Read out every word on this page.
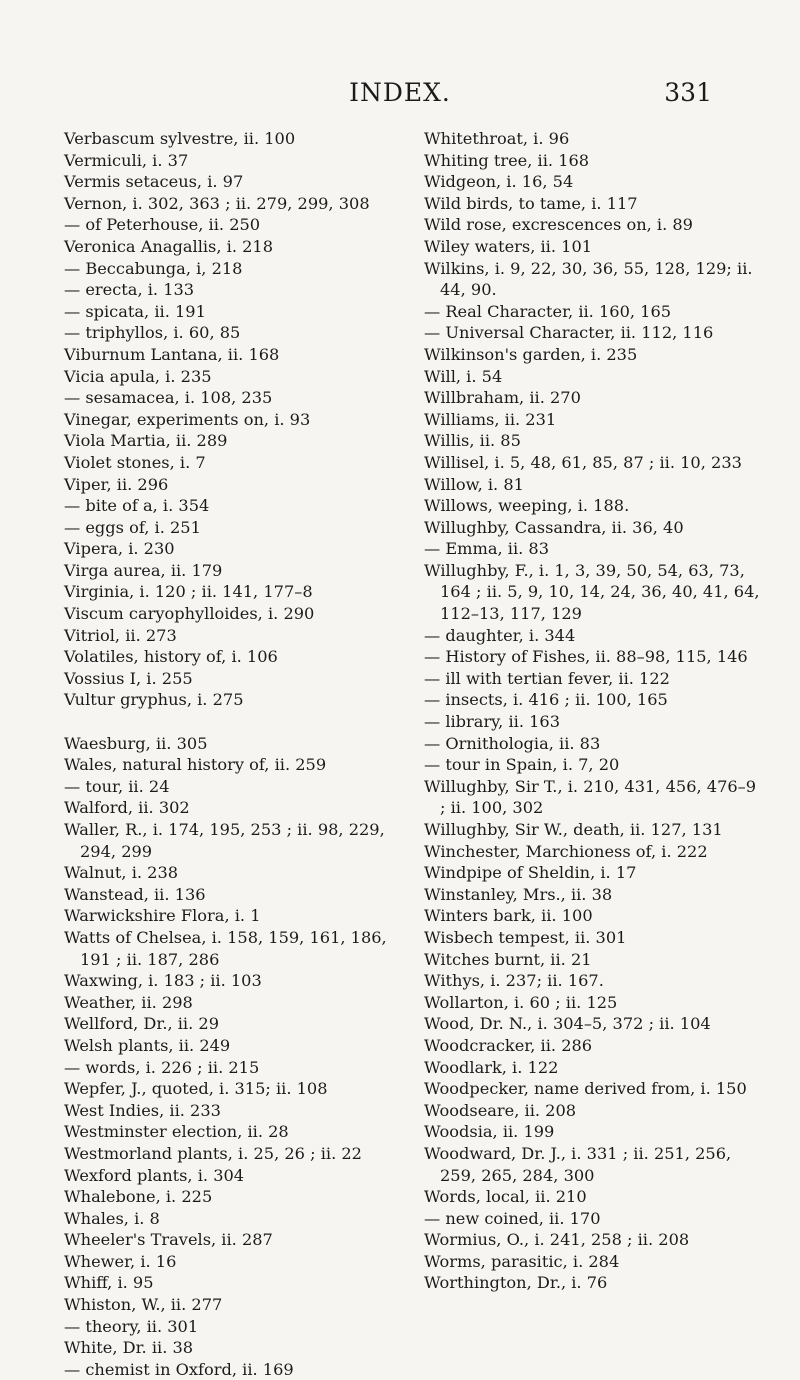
INDEX.	331
Verbascum sylvestre, ii. 100
Vermiculi, i. 37
Vermis setaceus, i. 97
Vernon, i. 302, 363 ; ii. 279, 299, 308
— of Peterhouse, ii. 250
Veronica Anagallis, i. 218
— Beccabunga, i, 218
— erecta, i. 133
— spicata, ii. 191
— triphyllos, i. 60, 85
Viburnum Lantana, ii. 168
Vicia apula, i. 235
— sesamacea, i. 108, 235
Vinegar, experiments on, i. 93
Viola Martia, ii. 289
Violet stones, i. 7
Viper, ii. 296
— bite of a, i. 354
— eggs of, i. 251
Vipera, i. 230
Virga aurea, ii. 179
Virginia, i. 120 ; ii. 141, 177–8
Viscum caryophylloides, i. 290
Vitriol, ii. 273
Volatiles, history of, i. 106
Vossius I, i. 255
Vultur gryphus, i. 275
Waesburg, ii. 305
Wales, natural history of, ii. 259
— tour, ii. 24
Walford, ii. 302
Waller, R., i. 174, 195, 253 ; ii. 98, 229, 294, 299
Walnut, i. 238
Wanstead, ii. 136
Warwickshire Flora, i. 1
Watts of Chelsea, i. 158, 159, 161, 186, 191 ; ii. 187, 286
Waxwing, i. 183 ; ii. 103
Weather, ii. 298
Wellford, Dr., ii. 29
Welsh plants, ii. 249
— words, i. 226 ; ii. 215
Wepfer, J., quoted, i. 315; ii. 108
West Indies, ii. 233
Westminster election, ii. 28
Westmorland plants, i. 25, 26 ; ii. 22
Wexford plants, i. 304
Whalebone, i. 225
Whales, i. 8
Wheeler's Travels, ii. 287
Whewer, i. 16
Whiff, i. 95
Whiston, W., ii. 277
— theory, ii. 301
White, Dr. ii. 38
— chemist in Oxford, ii. 169
Whitethroat, i. 96
Whiting tree, ii. 168
Widgeon, i. 16, 54
Wild birds, to tame, i. 117
Wild rose, excrescences on, i. 89
Wiley waters, ii. 101
Wilkins, i. 9, 22, 30, 36, 55, 128, 129; ii. 44, 90.
— Real Character, ii. 160, 165
— Universal Character, ii. 112, 116
Wilkinson's garden, i. 235
Will, i. 54
Willbraham, ii. 270
Williams, ii. 231
Willis, ii. 85
Willisel, i. 5, 48, 61, 85, 87 ; ii. 10, 233
Willow, i. 81
Willows, weeping, i. 188.
Willughby, Cassandra, ii. 36, 40
— Emma, ii. 83
Willughby, F., i. 1, 3, 39, 50, 54, 63, 73, 164 ; ii. 5, 9, 10, 14, 24, 36, 40, 41, 64, 112–13, 117, 129
— daughter, i. 344
— History of Fishes, ii. 88–98, 115, 146
— ill with tertian fever, ii. 122
— insects, i. 416 ; ii. 100, 165
— library, ii. 163
— Ornithologia, ii. 83
— tour in Spain, i. 7, 20
Willughby, Sir T., i. 210, 431, 456, 476–9 ; ii. 100, 302
Willughby, Sir W., death, ii. 127, 131
Winchester, Marchioness of, i. 222
Windpipe of Sheldin, i. 17
Winstanley, Mrs., ii. 38
Winters bark, ii. 100
Wisbech tempest, ii. 301
Witches burnt, ii. 21
Withys, i. 237; ii. 167.
Wollarton, i. 60 ; ii. 125
Wood, Dr. N., i. 304–5, 372 ; ii. 104
Woodcracker, ii. 286
Woodlark, i. 122
Woodpecker, name derived from, i. 150
Woodseare, ii. 208
Woodsia, ii. 199
Woodward, Dr. J., i. 331 ; ii. 251, 256, 259, 265, 284, 300
Words, local, ii. 210
— new coined, ii. 170
Wormius, O., i. 241, 258 ; ii. 208
Worms, parasitic, i. 284
Worthington, Dr., i. 76
